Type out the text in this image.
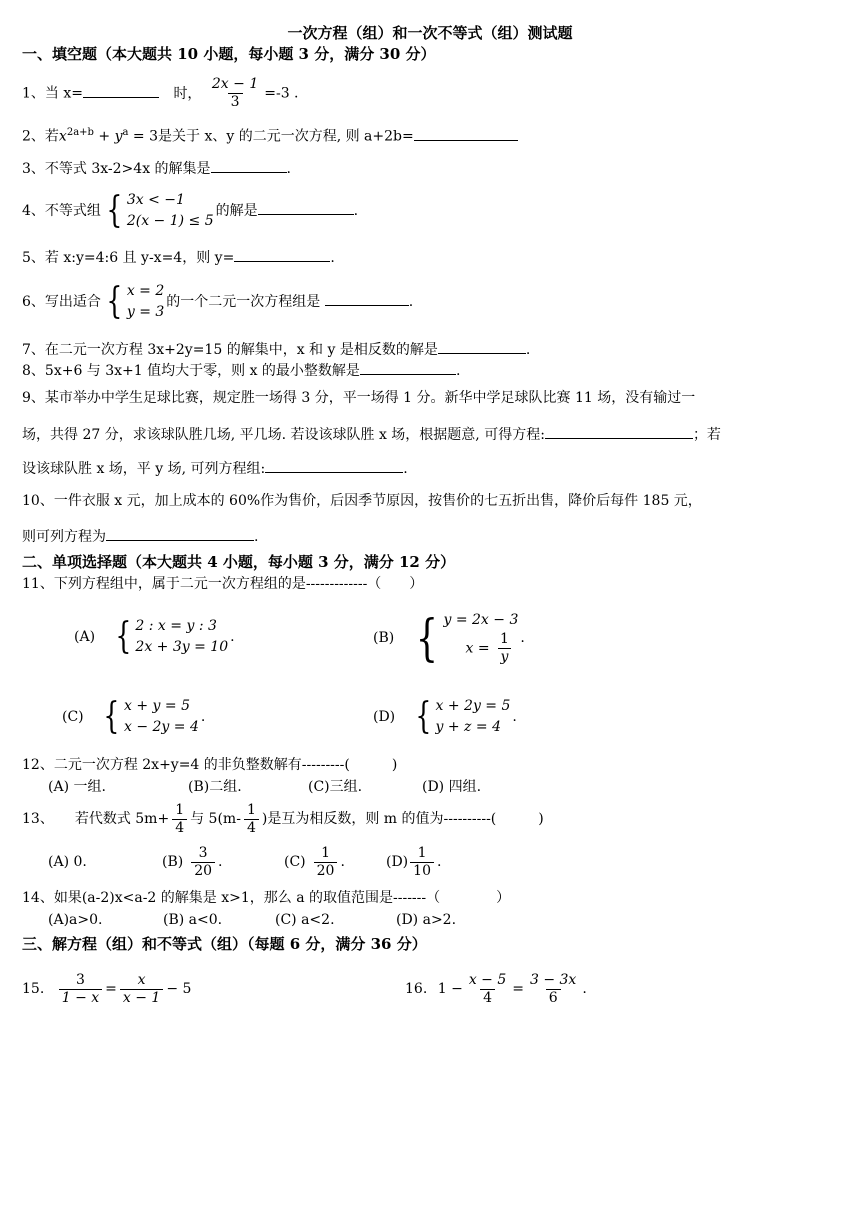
一次方程（组）和一次不等式（组）测试题
一、填空题（本大题共 10 小题，每小题 3 分，满分 30 分）
1、当 x=	时， $\frac{2x - 1}{3} =-3$ .
2、若$x^{2a+b} + y^a = 3$是关于 x、y 的二元一次方程, 则 a+2b=
3、不等式 3x-2>4x 的解集是	.
4、不等式组 { 3x < −1
2(x − 1) ≤ 5
的解是	.
5、若 x:y=4:6 且 y-x=4，则 y=	.
6、写出适合 { x = 2
y = 3
的一个二元一次方程组是	.
7、在二元一次方程 3x+2y=15 的解集中，x 和 y 是相反数的解是	.
8、5x+6 与 3x+1 值均大于零，则 x 的最小整数解是	.
9、某市举办中学生足球比赛，规定胜一场得 3 分，平一场得 1 分。新华中学足球队比赛 11 场，没有输过一
场，共得 27 分，求该球队胜几场, 平几场. 若设该球队胜 x 场，根据题意, 可得方程:	；若
设该球队胜 x 场，平 y 场, 可列方程组:	.
10、一件衣服 x 元，加上成本的 60%作为售价，后因季节原因，按售价的七五折出售，降价后每件 185 元，
则可列方程为	.
二、单项选择题（本大题共 4 小题，每小题 3 分，满分 12 分）
11、下列方程组中，属于二元一次方程组的是-------------（　　）
(A) { 2 : x = y : 3
2x + 3y = 10
.	(B) { y = 2x − 3
$x = \frac{1}{y}$ .
(C) { x + y = 5
x − 2y = 4
.	(D) { x + 2y = 5
y + z = 4
.
12、二元一次方程 2x+y=4 的非负整数解有---------(　　　)
(A) 一组.	(B)二组.	(C)三组.	(D) 四组.
13、　　若代数式 $5m+ \frac{1}{4}$ 与 $5(m- \frac{1}{4}$ )是互为相反数，则 m 的值为----------(　　　)
(A) 0.	$(B) \frac{3}{20}$ .	$(C) \frac{1}{20}$ .	$(D) \frac{1}{10}$ .
14、如果(a-2)x<a-2 的解集是 x>1，那么 a 的取值范围是-------（　　　　）
(A)a>0.	(B) a<0.	(C) a<2.	(D) a>2.
三、解方程（组）和不等式（组）（每题 6 分，满分 36 分）
15. $\frac{3}{1 - x} = \frac{x}{x - 1} - 5$	16. $1 - \frac{x - 5}{4} = \frac{3 - 3x}{6}$ .
